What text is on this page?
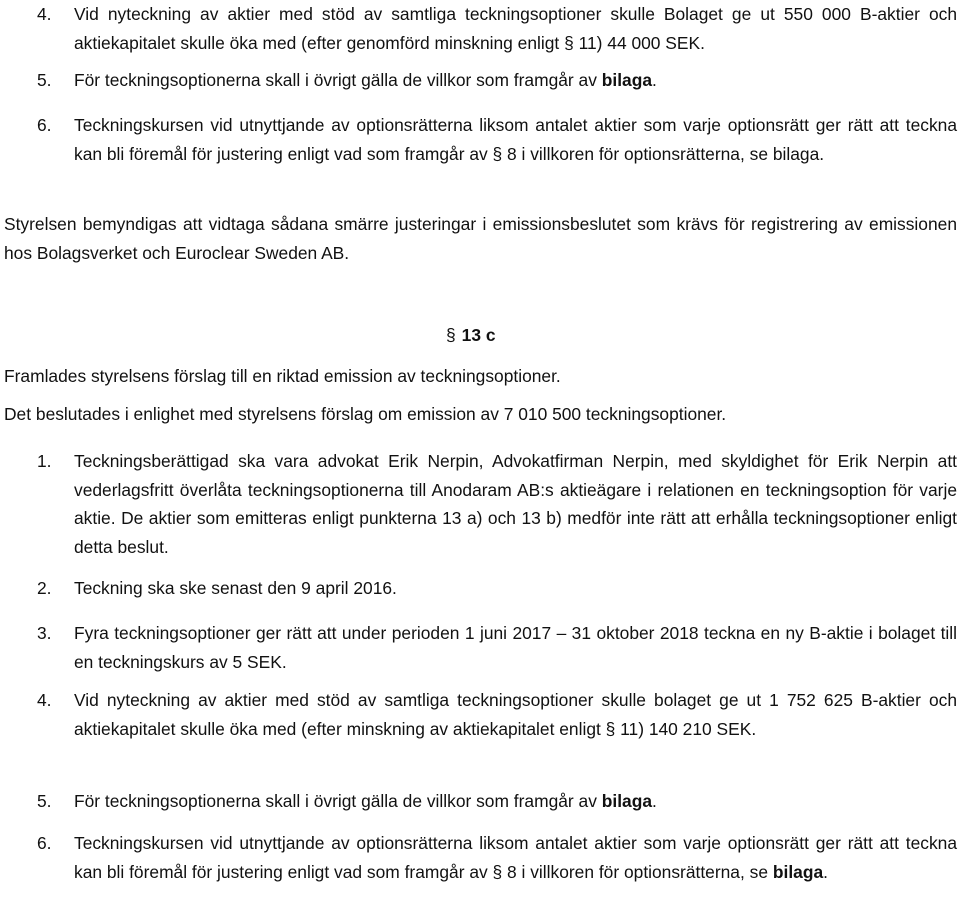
4. Vid nyteckning av aktier med stöd av samtliga teckningsoptioner skulle Bolaget ge ut 550 000 B-aktier och aktiekapitalet skulle öka med (efter genomförd minskning enligt § 11) 44 000 SEK.
5. För teckningsoptionerna skall i övrigt gälla de villkor som framgår av bilaga.
6. Teckningskursen vid utnyttjande av optionsrätterna liksom antalet aktier som varje optionsrätt ger rätt att teckna kan bli föremål för justering enligt vad som framgår av § 8 i villkoren för optionsrätterna, se bilaga.
Styrelsen bemyndigas att vidtaga sådana smärre justeringar i emissionsbeslutet som krävs för registrering av emissionen hos Bolagsverket och Euroclear Sweden AB.
§ 13 c
Framlades styrelsens förslag till en riktad emission av teckningsoptioner.
Det beslutades i enlighet med styrelsens förslag om emission av 7 010 500 teckningsoptioner.
1. Teckningsberättigad ska vara advokat Erik Nerpin, Advokatfirman Nerpin, med skyldighet för Erik Nerpin att vederlagsfritt överlåta teckningsoptionerna till Anodaram AB:s aktieägare i relationen en teckningsoption för varje aktie. De aktier som emitteras enligt punkterna 13 a) och 13 b) medför inte rätt att erhålla teckningsoptioner enligt detta beslut.
2. Teckning ska ske senast den 9 april 2016.
3. Fyra teckningsoptioner ger rätt att under perioden 1 juni 2017 – 31 oktober 2018 teckna en ny B-aktie i bolaget till en teckningskurs av 5 SEK.
4. Vid nyteckning av aktier med stöd av samtliga teckningsoptioner skulle bolaget ge ut 1 752 625 B-aktier och aktiekapitalet skulle öka med (efter minskning av aktiekapitalet enligt § 11) 140 210 SEK.
5. För teckningsoptionerna skall i övrigt gälla de villkor som framgår av bilaga.
6. Teckningskursen vid utnyttjande av optionsrätterna liksom antalet aktier som varje optionsrätt ger rätt att teckna kan bli föremål för justering enligt vad som framgår av § 8 i villkoren för optionsrätterna, se bilaga.
